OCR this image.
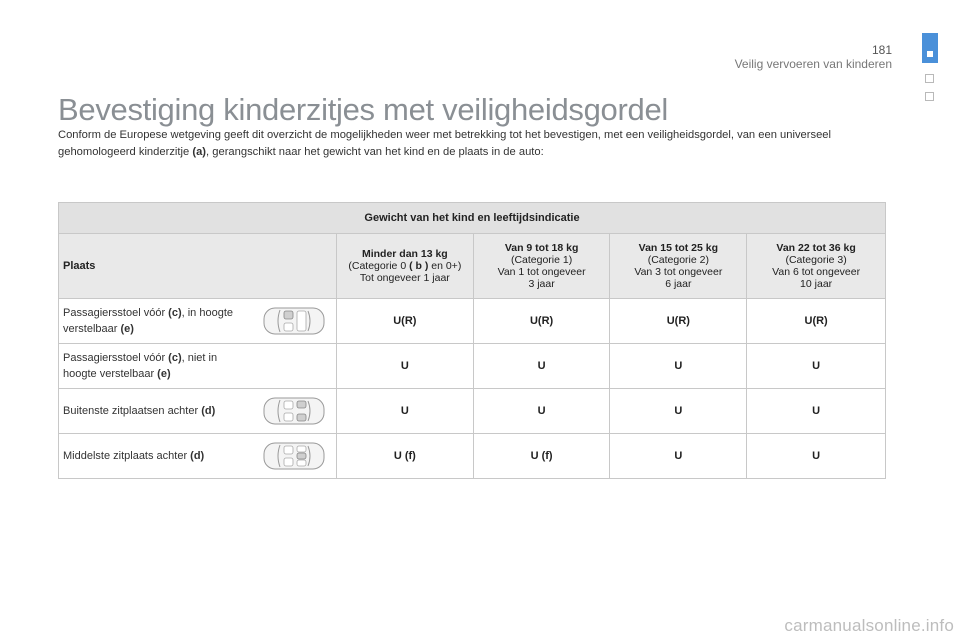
181
Veilig vervoeren van kinderen
Bevestiging kinderzitjes met veiligheidsgordel

Conform de Europese wetgeving geeft dit overzicht de mogelijkheden weer met betrekking tot het bevestigen, met een veiligheidsgordel, van een universeel gehomologeerd kinderzitje (a), gerangschikt naar het gewicht van het kind en de plaats in de auto:

Gewicht van het kind en leeftijdsindicatie				
Plaats	Minder dan 13 kg
(Categorie 0 ( b ) en 0+)
Tot ongeveer 1 jaar	Van 9 tot 18 kg
(Categorie 1)
Van 1 tot ongeveer
3 jaar	Van 15 tot 25 kg
(Categorie 2)
Van 3 tot ongeveer
6 jaar	Van 22 tot 36 kg
(Categorie 3)
Van 6 tot ongeveer
10 jaar

Passagiersstoel vóór (c), in hoogte verstelbaar (e)	U(R)	U(R)	U(R)	U(R)

Passagiersstoel vóór (c), niet in hoogte verstelbaar (e)	U	U	U	U

Buitenste zitplaatsen achter (d)	U	U	U	U

Middelste zitplaats achter (d)	U (f)	U (f)	U	U
carmanualsonline.info
